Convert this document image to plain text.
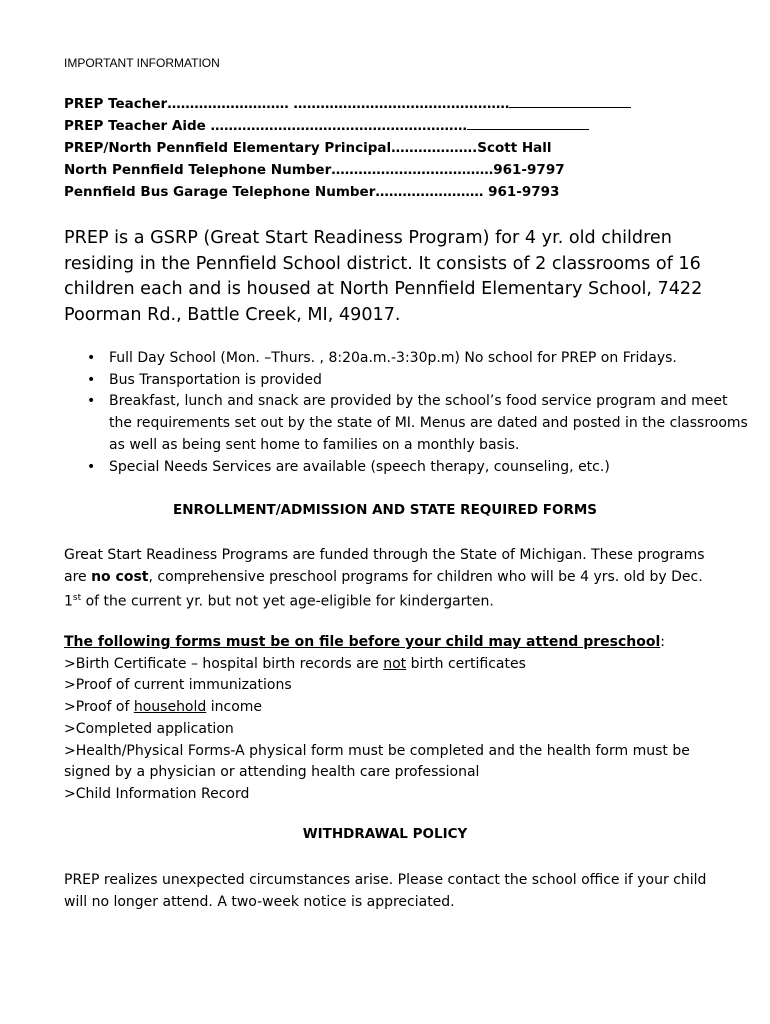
IMPORTANT INFORMATION
PREP Teacher……………………… …………………………………………
PREP Teacher Aide …………………………………………………
PREP/North Pennfield Elementary Principal……………….Scott Hall
North Pennfield Telephone Number………………………………961-9797
Pennfield Bus Garage Telephone Number…………………… 961-9793
PREP is a GSRP (Great Start Readiness Program) for 4 yr. old children residing in the Pennfield School district. It consists of 2 classrooms of 16 children each and is housed at North Pennfield Elementary School, 7422 Poorman Rd., Battle Creek, MI, 49017.
• Full Day School (Mon. –Thurs. , 8:20a.m.-3:30p.m) No school for PREP on Fridays.
• Bus Transportation is provided
• Breakfast, lunch and snack are provided by the school’s food service program and meet the requirements set out by the state of MI. Menus are dated and posted in the classrooms as well as being sent home to families on a monthly basis.
• Special Needs Services are available (speech therapy, counseling, etc.)
ENROLLMENT/ADMISSION AND STATE REQUIRED FORMS
Great Start Readiness Programs are funded through the State of Michigan. These programs are no cost, comprehensive preschool programs for children who will be 4 yrs. old by Dec. 1st of the current yr. but not yet age-eligible for kindergarten.
The following forms must be on file before your child may attend preschool:
>Birth Certificate – hospital birth records are not birth certificates
>Proof of current immunizations
>Proof of household income
>Completed application
>Health/Physical Forms-A physical form must be completed and the health form must be
signed by a physician or attending health care professional
>Child Information Record
WITHDRAWAL POLICY
PREP realizes unexpected circumstances arise. Please contact the school office if your child will no longer attend. A two-week notice is appreciated.
